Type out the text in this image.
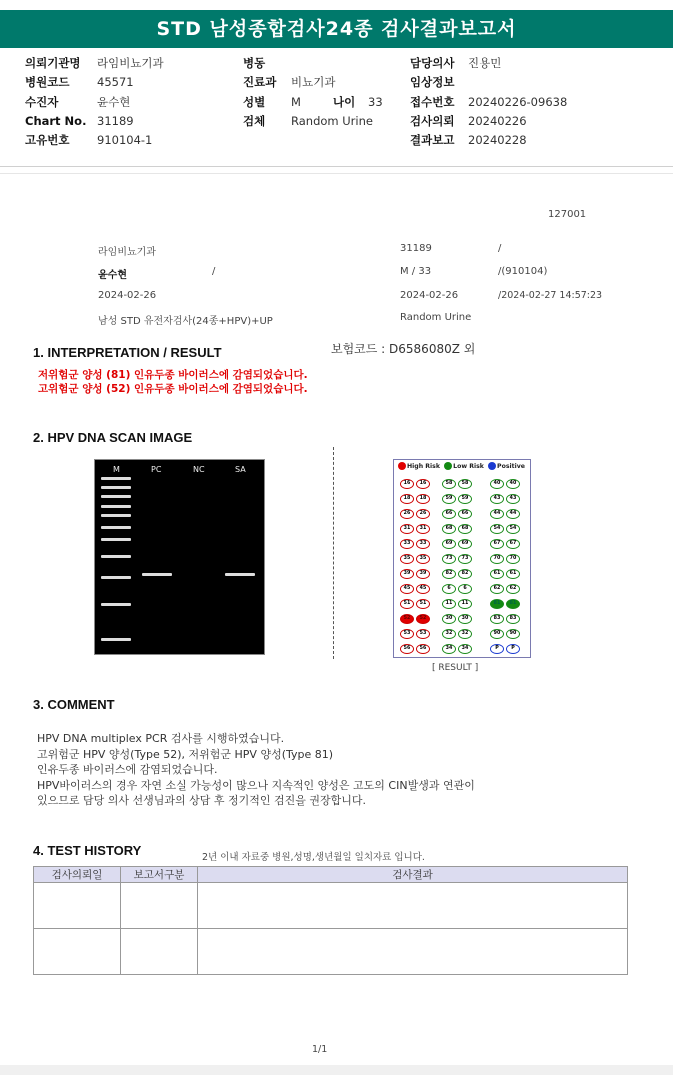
STD 남성종합검사24종 검사결과보고서
의뢰기관명 라임비뇨기과
병원코드 45571
수진자	윤수현
Chart No. 31189
고유번호 910104-1
병동
진료과 비뇨기과
성별 M	나이 33
검체 Random Urine
담당의사 진용민
임상정보
접수번호 20240226-09638
검사의뢰 20240226
결과보고 20240228
127001
라임비뇨기과	31189	/
윤수현	/	M / 33	/(910104)
2024-02-26	2024-02-26	/2024-02-27 14:57:23
남성 STD 유전자검사(24종+HPV)+UP	Random Urine
1. INTERPRETATION / RESULT	보험코드 : D6586080Z 외
저위험군 양성 (81) 인유두종 바이러스에 감염되었습니다.
고위험군 양성 (52) 인유두종 바이러스에 감염되었습니다.
2. HPV DNA SCAN IMAGE
M	PC	NC	SA	High Risk Low Risk Positive
16	16	58	58	40	40
18	18	59	59	43	43
26	26	66	66	44	44
31	31	68	68	54	54
33	33	69	69	67	67
35	35	73	73	70	70
39	39	82	82	61	61
45	45	6	6	62	62
51	51	11	11	81	81
52	52	30	30	83	83
53	53	32	32	90	90
56	56	34	34	P	P
[ RESULT ]
3. COMMENT
HPV DNA multiplex PCR 검사를 시행하였습니다.
고위험군 HPV 양성(Type 52), 저위험군 HPV 양성(Type 81)
인유두종 바이러스에 감염되었습니다.
HPV바이러스의 경우 자연 소실 가능성이 많으나 지속적인 양성은 고도의 CIN발생과 연관이
있으므로 담당 의사 선생님과의 상담 후 정기적인 검진을 권장합니다.
4. TEST HISTORY	2년 이내 자료중 병원,성명,생년월일 일치자료 입니다.
검사의뢰일	보고서구분	검사결과

1/1
